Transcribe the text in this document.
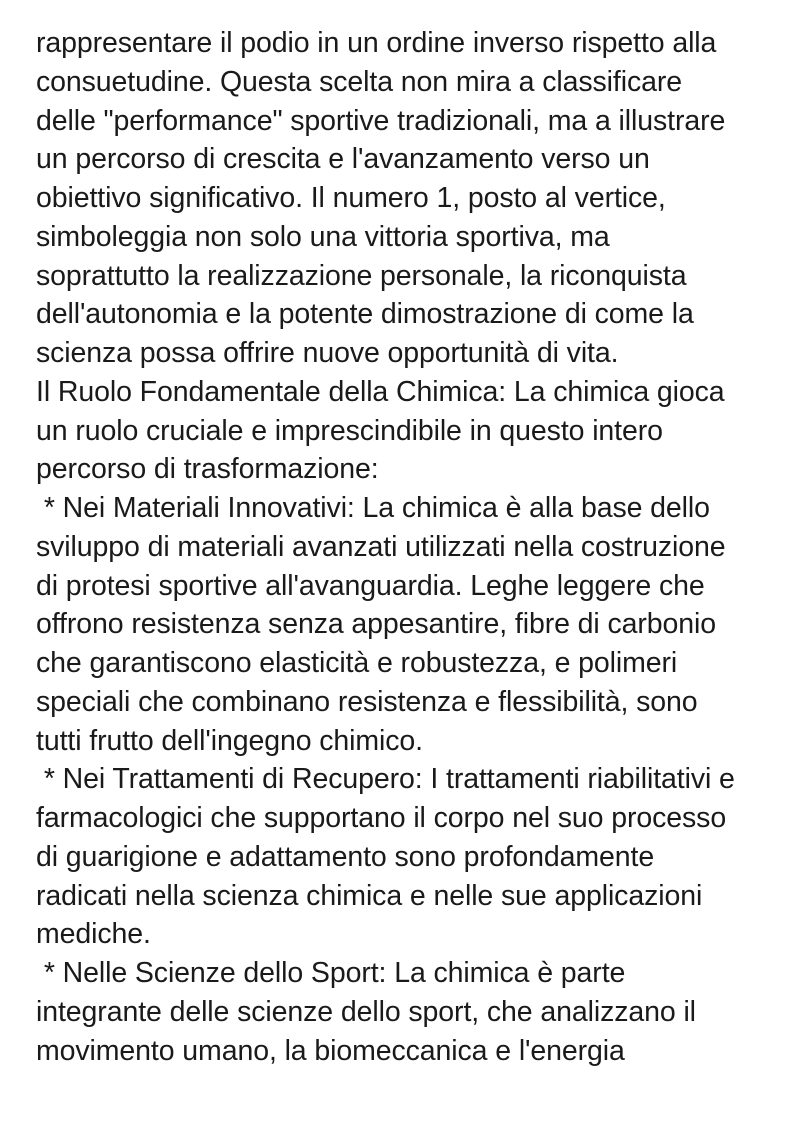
rappresentare il podio in un ordine inverso rispetto alla
consuetudine. Questa scelta non mira a classificare
delle "performance" sportive tradizionali, ma a illustrare
un percorso di crescita e l'avanzamento verso un
obiettivo significativo. Il numero 1, posto al vertice,
simboleggia non solo una vittoria sportiva, ma
soprattutto la realizzazione personale, la riconquista
dell'autonomia e la potente dimostrazione di come la
scienza possa offrire nuove opportunità di vita.
Il Ruolo Fondamentale della Chimica: La chimica gioca
un ruolo cruciale e imprescindibile in questo intero
percorso di trasformazione:
* Nei Materiali Innovativi: La chimica è alla base dello
sviluppo di materiali avanzati utilizzati nella costruzione
di protesi sportive all'avanguardia. Leghe leggere che
offrono resistenza senza appesantire, fibre di carbonio
che garantiscono elasticità e robustezza, e polimeri
speciali che combinano resistenza e flessibilità, sono
tutti frutto dell'ingegno chimico.
* Nei Trattamenti di Recupero: I trattamenti riabilitativi e
farmacologici che supportano il corpo nel suo processo
di guarigione e adattamento sono profondamente
radicati nella scienza chimica e nelle sue applicazioni
mediche.
* Nelle Scienze dello Sport: La chimica è parte
integrante delle scienze dello sport, che analizzano il
movimento umano, la biomeccanica e l'energia
